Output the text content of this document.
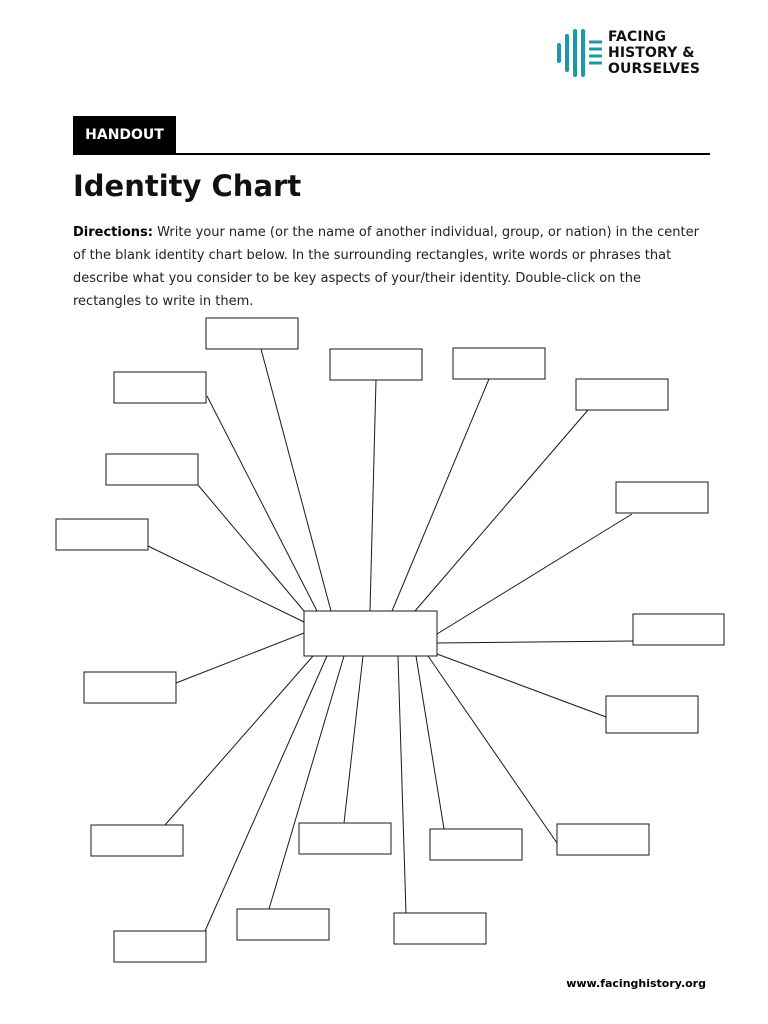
FACING
HISTORY &
OURSELVES
HANDOUT
Identity Chart

Directions: Write your name (or the name of another individual, group, or nation) in the center of the blank identity chart below. In the surrounding rectangles, write words or phrases that describe what you consider to be key aspects of your/their identity. Double-click on the rectangles to write in them.

www.facinghistory.org
